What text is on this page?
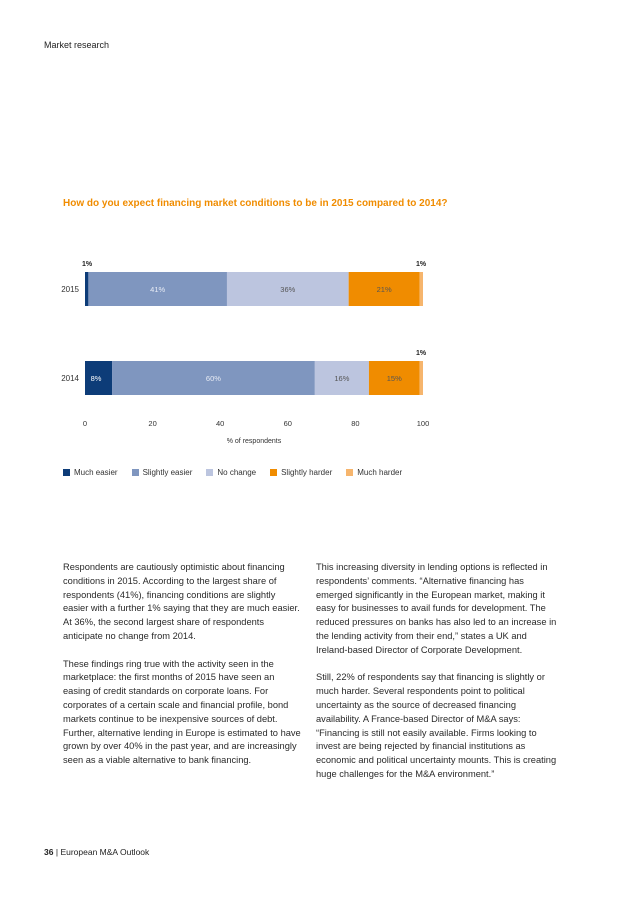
Market research
How do you expect financing market conditions to be in 2015 compared to 2014?
2015
1%
41%	36%	21%
1%
2014 8%	60%	16%	15%
1%
0	20	40	60	80	100
% of respondents
Much easier	Slightly easier	No change	Slightly harder	Much harder

Respondents are cautiously optimistic about financing conditions in 2015. According to the largest share of respondents (41%), financing conditions are slightly easier with a further 1% saying that they are much easier. At 36%, the second largest share of respondents anticipate no change from 2014.

These findings ring true with the activity seen in the marketplace: the first months of 2015 have seen an easing of credit standards on corporate loans. For corporates of a certain scale and financial profile, bond markets continue to be inexpensive sources of debt. Further, alternative lending in Europe is estimated to have grown by over 40% in the past year, and are increasingly seen as a viable alternative to bank financing.

This increasing diversity in lending options is reflected in respondents’ comments. “Alternative financing has emerged significantly in the European market, making it easy for businesses to avail funds for development. The reduced pressures on banks has also led to an increase in the lending activity from their end,” states a UK and Ireland-based Director of Corporate Development.

Still, 22% of respondents say that financing is slightly or much harder. Several respondents point to political uncertainty as the source of decreased financing availability. A France-based Director of M&A says: “Financing is still not easily available. Firms looking to invest are being rejected by financial institutions as economic and political uncertainty mounts. This is creating huge challenges for the M&A environment.”

36 | European M&A Outlook
